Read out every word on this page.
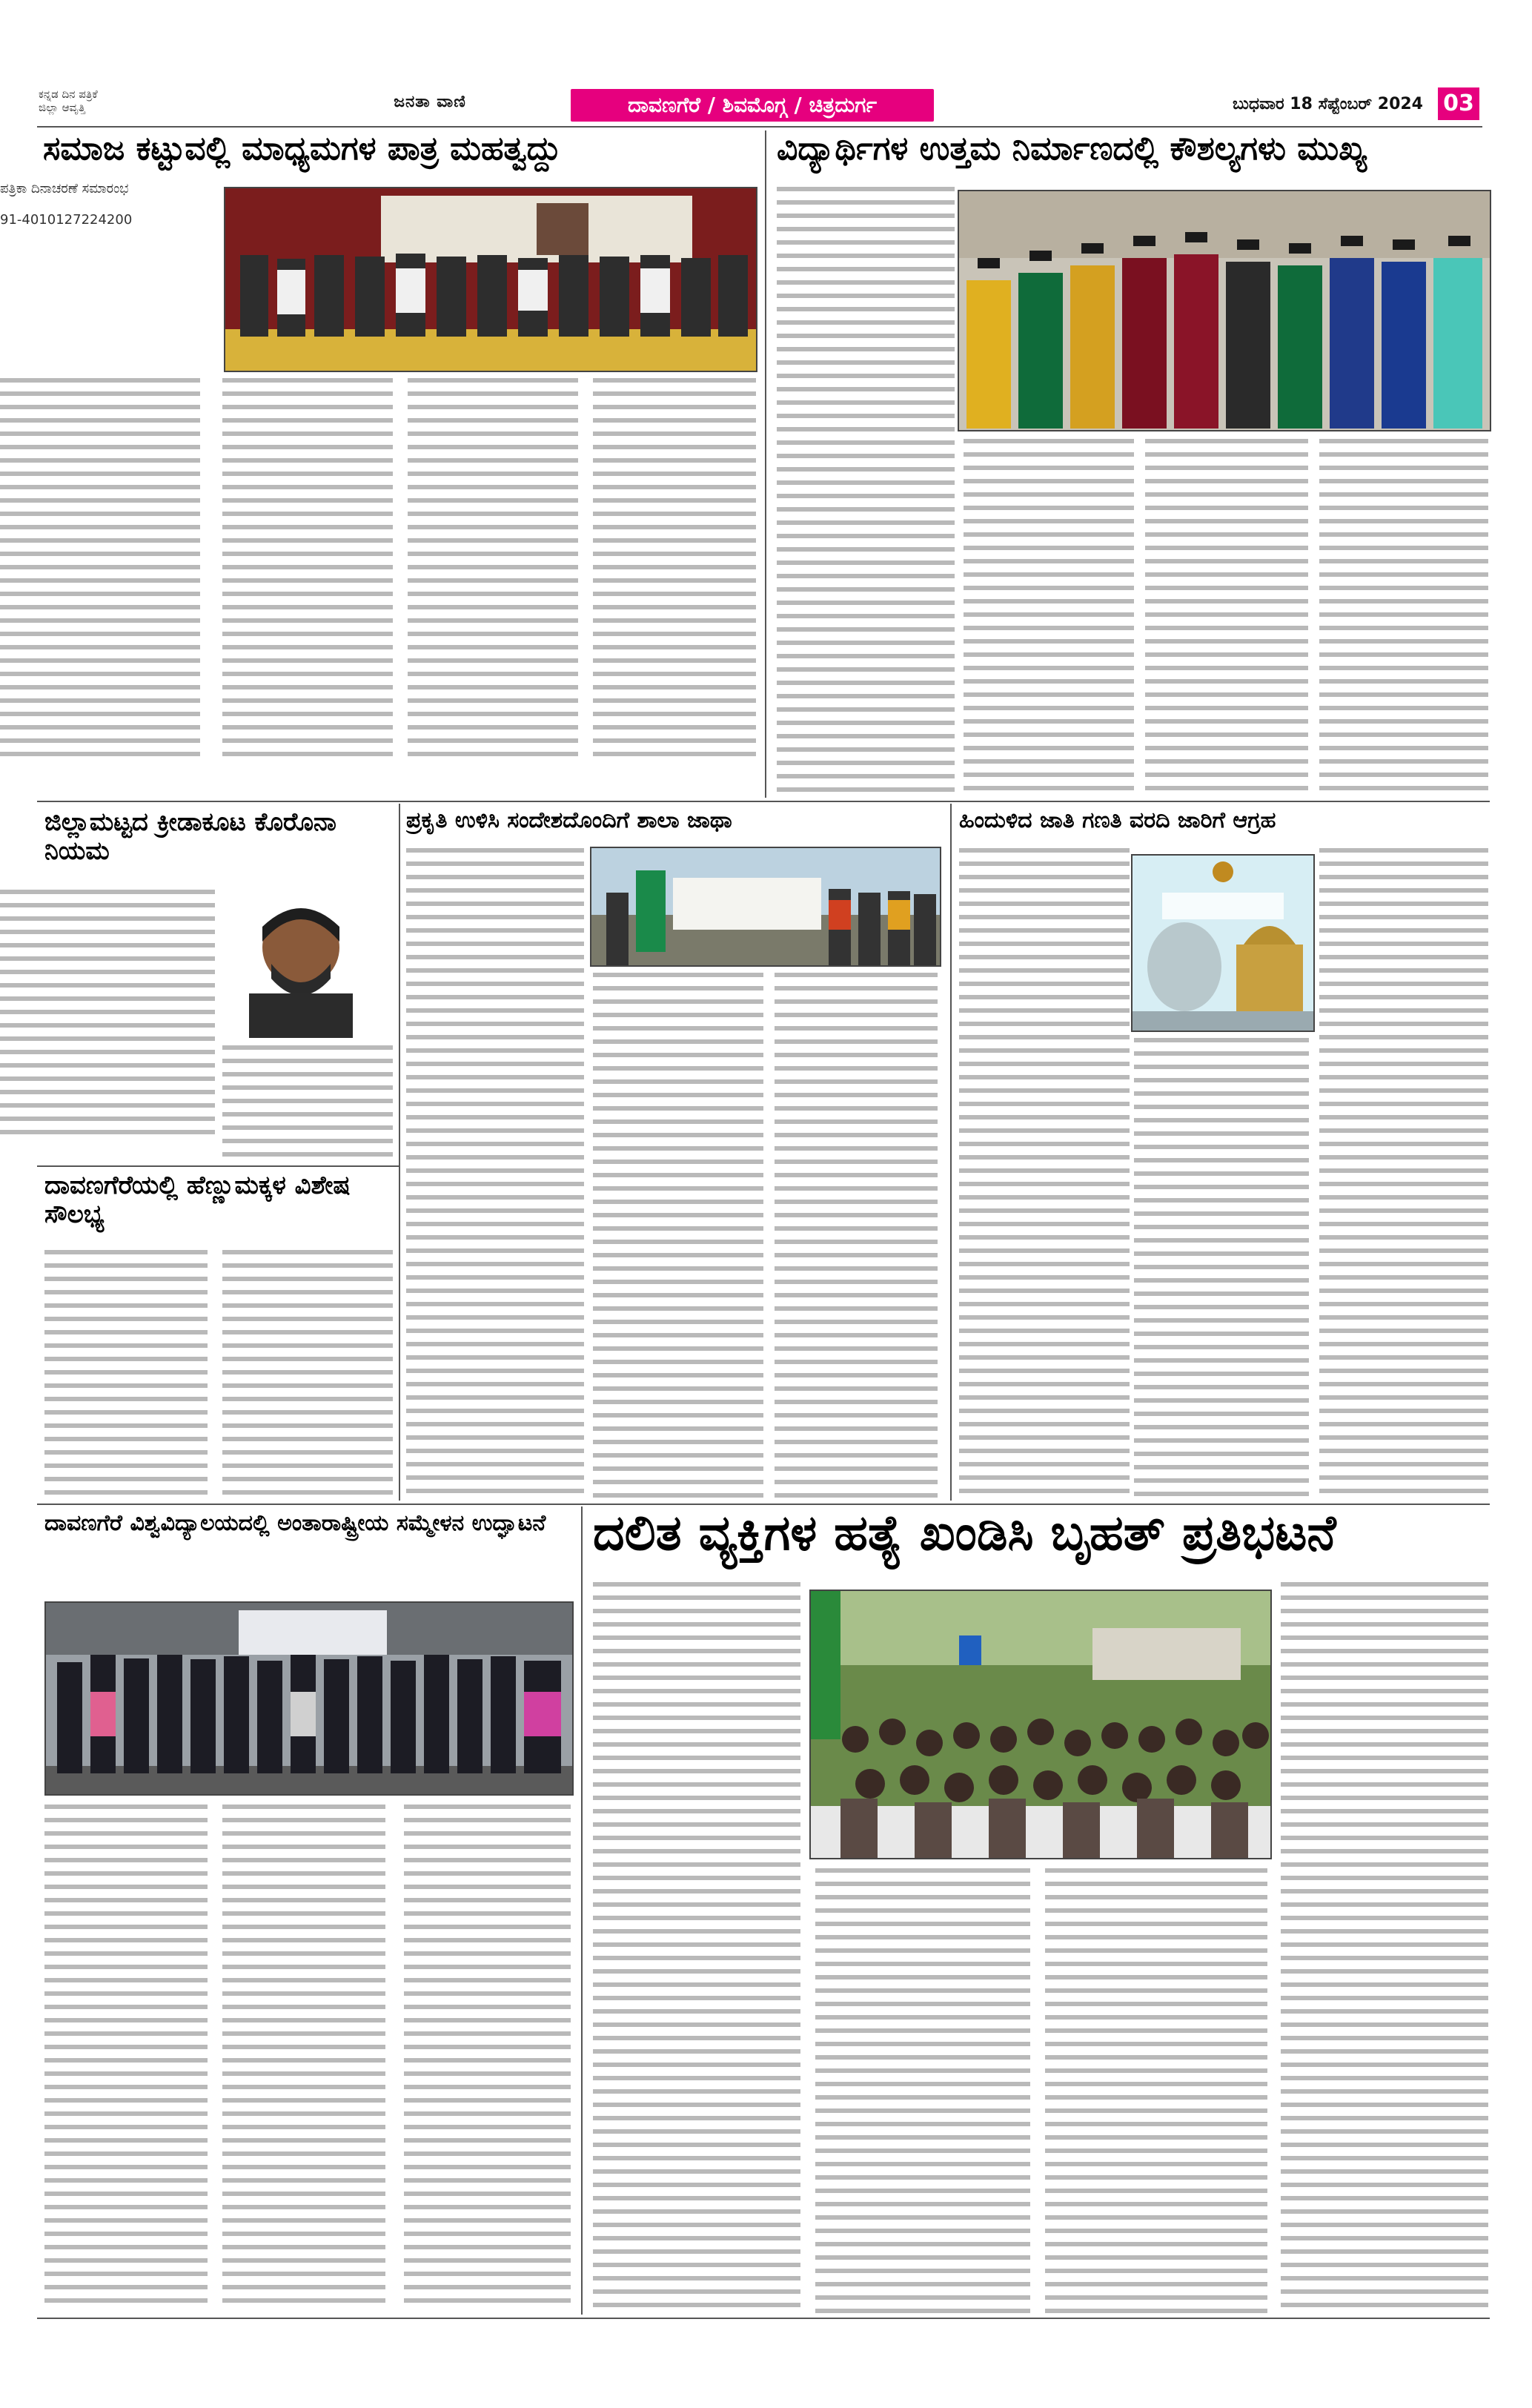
ಕನ್ನಡ ದಿನ ಪತ್ರಿಕೆ
ಜಿಲ್ಲಾ ಆವೃತ್ತಿ	ಜನತಾ ವಾಣಿ	ದಾವಣಗೆರೆ / ಶಿವಮೊಗ್ಗ / ಚಿತ್ರದುರ್ಗ	ಬುಧವಾರ 18 ಸೆಪ್ಟೆಂಬರ್ 2024 03
ಸಮಾಜ ಕಟ್ಟುವಲ್ಲಿ ಮಾಧ್ಯಮಗಳ ಪಾತ್ರ ಮಹತ್ವದ್ದು
ಪತ್ರಿಕಾ ದಿನಾಚರಣೆ ಸಮಾರಂಭ
91-4010127224200
ವಿದ್ಯಾರ್ಥಿಗಳ ಉತ್ತಮ ನಿರ್ಮಾಣದಲ್ಲಿ ಕೌಶಲ್ಯಗಳು ಮುಖ್ಯ
ಜಿಲ್ಲಾಮಟ್ಟದ ಕ್ರೀಡಾಕೂಟ ಕೊರೊನಾ ನಿಯಮ
ಪ್ರಕೃತಿ ಉಳಿಸಿ ಸಂದೇಶದೊಂದಿಗೆ ಶಾಲಾ ಜಾಥಾ	ಹಿಂದುಳಿದ ಜಾತಿ ಗಣತಿ ವರದಿ ಜಾರಿಗೆ ಆಗ್ರಹ
ದಾವಣಗೆರೆಯಲ್ಲಿ ಹೆಣ್ಣುಮಕ್ಕಳ ವಿಶೇಷ ಸೌಲಭ್ಯ
ದಾವಣಗೆರೆ ವಿಶ್ವವಿದ್ಯಾಲಯದಲ್ಲಿ ಅಂತಾರಾಷ್ಟ್ರೀಯ ಸಮ್ಮೇಳನ ಉದ್ಘಾಟನೆ ದಲಿತ ವ್ಯಕ್ತಿಗಳ ಹತ್ಯೆ ಖಂಡಿಸಿ ಬೃಹತ್ ಪ್ರತಿಭಟನೆ
